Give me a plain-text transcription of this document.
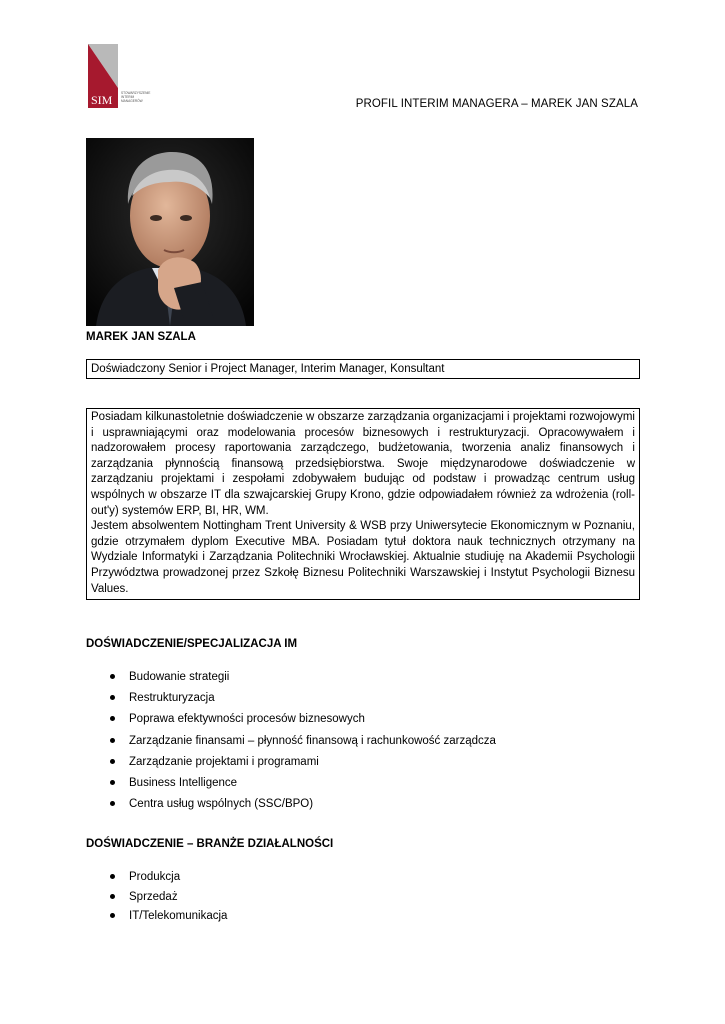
SIM	STOWARZYSZENIE INTERIM MANAGERÓW	PROFIL INTERIM MANAGERA – MAREK JAN SZALA
MAREK JAN SZALA
Doświadczony Senior i Project Manager, Interim Manager, Konsultant

Posiadam kilkunastoletnie doświadczenie w obszarze zarządzania organizacjami i projektami rozwojowymi i usprawniającymi oraz modelowania procesów biznesowych i restrukturyzacji. Opracowywałem i nadzorowałem procesy raportowania zarządczego, budżetowania, tworzenia analiz finansowych i zarządzania płynnością finansową przedsiębiorstwa. Swoje międzynarodowe doświadczenie w zarządzaniu projektami i zespołami zdobywałem budując od podstaw i prowadząc centrum usług wspólnych w obszarze IT dla szwajcarskiej Grupy Krono, gdzie odpowiadałem również za wdrożenia (roll-out'y) systemów ERP, BI, HR, WM.

Jestem absolwentem Nottingham Trent University & WSB przy Uniwersytecie Ekonomicznym w Poznaniu, gdzie otrzymałem dyplom Executive MBA. Posiadam tytuł doktora nauk technicznych otrzymany na Wydziale Informatyki i Zarządzania Politechniki Wrocławskiej. Aktualnie studiuję na Akademii Psychologii Przywództwa prowadzonej przez Szkołę Biznesu Politechniki Warszawskiej i Instytut Psychologii Biznesu Values.

DOŚWIADCZENIE/SPECJALIZACJA IM
Budowanie strategii
Restrukturyzacja
Poprawa efektywności procesów biznesowych
Zarządzanie finansami – płynność finansową i rachunkowość zarządcza
Zarządzanie projektami i programami
Business Intelligence
Centra usług wspólnych (SSC/BPO)
DOŚWIADCZENIE – BRANŻE DZIAŁALNOŚCI
Produkcja
Sprzedaż
IT/Telekomunikacja
